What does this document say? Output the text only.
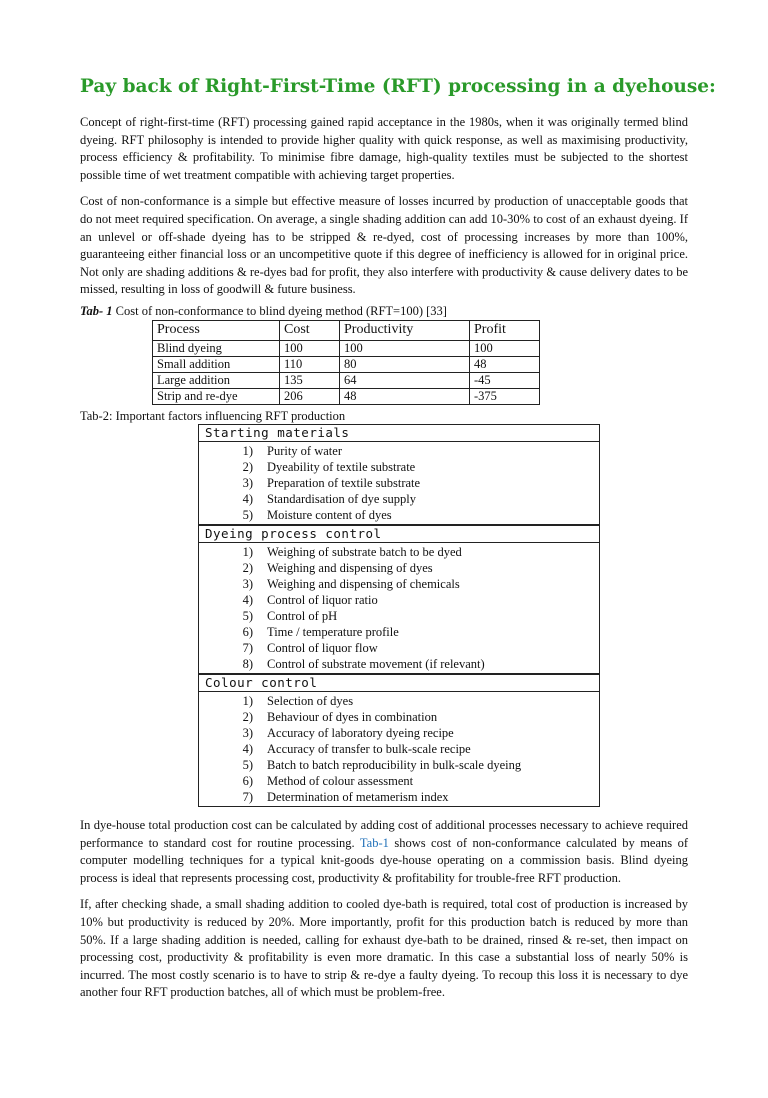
Pay back of Right-First-Time (RFT) processing in a dyehouse:

Concept of right-first-time (RFT) processing gained rapid acceptance in the 1980s, when it was originally termed blind dyeing. RFT philosophy is intended to provide higher quality with quick response, as well as maximising productivity, process efficiency & profitability. To minimise fibre damage, high-quality textiles must be subjected to the shortest possible time of wet treatment compatible with achieving target properties.

Cost of non-conformance is a simple but effective measure of losses incurred by production of unacceptable goods that do not meet required specification. On average, a single shading addition can add 10-30% to cost of an exhaust dyeing. If an unlevel or off-shade dyeing has to be stripped & re-dyed, cost of processing increases by more than 100%, guaranteeing either financial loss or an uncompetitive quote if this degree of inefficiency is allowed for in original price. Not only are shading additions & re-dyes bad for profit, they also interfere with productivity & cause delivery dates to be missed, resulting in loss of goodwill & future business.

Tab- 1 Cost of non-conformance to blind dyeing method (RFT=100) [33]
Process	Cost	Productivity	Profit
Blind dyeing	100	100	100
Small addition	110	80	48
Large addition	135	64	-45
Strip and re-dye	206	48	-375
Tab-2: Important factors influencing RFT production
Starting materials
1)	Purity of water
2)	Dyeability of textile substrate
3)	Preparation of textile substrate
4)	Standardisation of dye supply
5)	Moisture content of dyes
Dyeing process control
1)	Weighing of substrate batch to be dyed
2)	Weighing and dispensing of dyes
3)	Weighing and dispensing of chemicals
4)	Control of liquor ratio
5)	Control of pH
6)	Time / temperature profile
7)	Control of liquor flow
8)	Control of substrate movement (if relevant)
Colour control
1)	Selection of dyes
2)	Behaviour of dyes in combination
3)	Accuracy of laboratory dyeing recipe
4)	Accuracy of transfer to bulk-scale recipe
5)	Batch to batch reproducibility in bulk-scale dyeing
6)	Method of colour assessment
7)	Determination of metamerism index

In dye-house total production cost can be calculated by adding cost of additional processes necessary to achieve required performance to standard cost for routine processing. Tab-1 shows cost of non-conformance calculated by means of computer modelling techniques for a typical knit-goods dye-house operating on a commission basis. Blind dyeing process is ideal that represents processing cost, productivity & profitability for trouble-free RFT production.

If, after checking shade, a small shading addition to cooled dye-bath is required, total cost of production is increased by 10% but productivity is reduced by 20%. More importantly, profit for this production batch is reduced by more than 50%. If a large shading addition is needed, calling for exhaust dye-bath to be drained, rinsed & re-set, then impact on processing cost, productivity & profitability is even more dramatic. In this case a substantial loss of nearly 50% is incurred. The most costly scenario is to have to strip & re-dye a faulty dyeing. To recoup this loss it is necessary to dye another four RFT production batches, all of which must be problem-free.
